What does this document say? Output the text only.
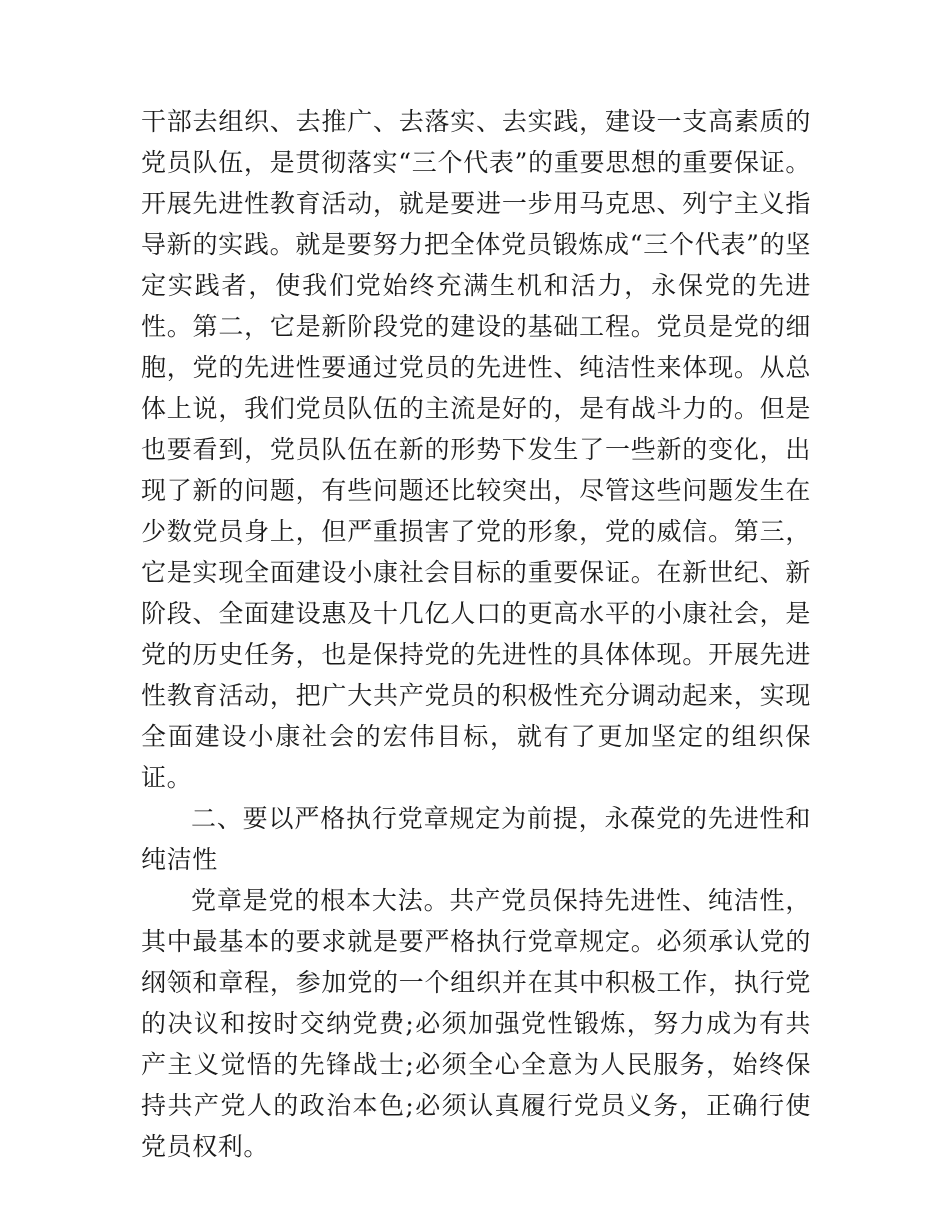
干部去组织、去推广、去落实、去实践，建设一支高素质的党员队伍，是贯彻落实“三个代表”的重要思想的重要保证。开展先进性教育活动，就是要进一步用马克思、列宁主义指导新的实践。就是要努力把全体党员锻炼成“三个代表”的坚定实践者，使我们党始终充满生机和活力，永保党的先进性。第二，它是新阶段党的建设的基础工程。党员是党的细胞，党的先进性要通过党员的先进性、纯洁性来体现。从总体上说，我们党员队伍的主流是好的，是有战斗力的。但是也要看到，党员队伍在新的形势下发生了一些新的变化，出现了新的问题，有些问题还比较突出，尽管这些问题发生在少数党员身上，但严重损害了党的形象，党的威信。第三，它是实现全面建设小康社会目标的重要保证。在新世纪、新阶段、全面建设惠及十几亿人口的更高水平的小康社会，是党的历史任务，也是保持党的先进性的具体体现。开展先进性教育活动，把广大共产党员的积极性充分调动起来，实现全面建设小康社会的宏伟目标，就有了更加坚定的组织保证。

二、要以严格执行党章规定为前提，永葆党的先进性和纯洁性

党章是党的根本大法。共产党员保持先进性、纯洁性，其中最基本的要求就是要严格执行党章规定。必须承认党的纲领和章程，参加党的一个组织并在其中积极工作，执行党的决议和按时交纳党费;必须加强党性锻炼，努力成为有共产主义觉悟的先锋战士;必须全心全意为人民服务，始终保持共产党人的政治本色;必须认真履行党员义务，正确行使党员权利。
